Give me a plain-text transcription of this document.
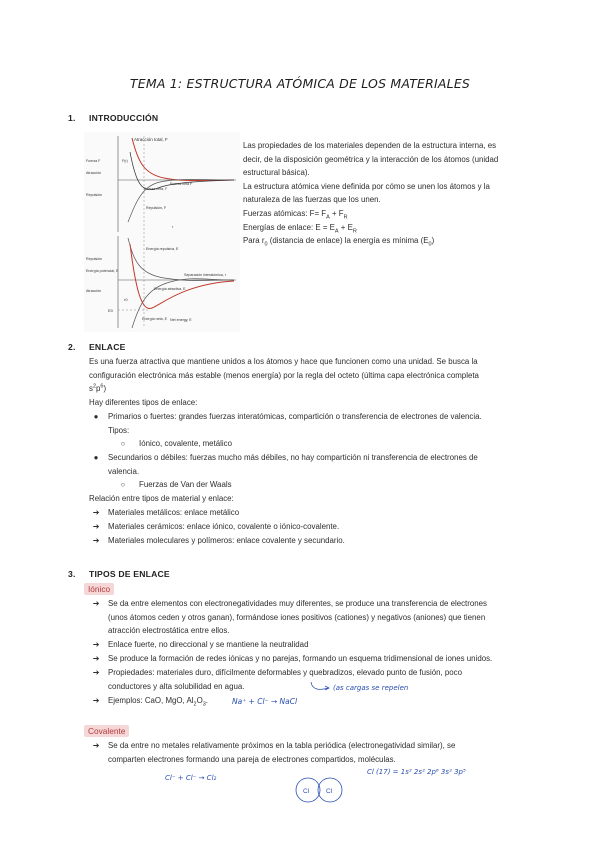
TEMA 1: ESTRUCTURA ATÓMICA DE LOS MATERIALES
1. INTRODUCCIÓN
Atracción total, F
Fuerza F
Atracción
Repulsión
Fuerza neta F
Fuerza neta, F
Repulsión, F
Separación interatómica, r
Energía repulsiva, E
Energía potencial, E
Repulsión
Atracción	Energía atractiva, E
Energía neta, E
E0
r0
r
Net energy, E
F(r)
Las propiedades de los materiales dependen de la estructura interna, es
decir, de la disposición geométrica y la interacción de los átomos (unidad
estructural básica).
La estructura atómica viene definida por cómo se unen los átomos y la
naturaleza de las fuerzas que los unen.
Fuerzas atómicas: $F= F_A + F_R$
Energías de enlace: $E = E_A + E_R$
Para $r_0$ (distancia de enlace) la energía es mínima $(E_0)$
2. ENLACE
Es una fuerza atractiva que mantiene unidos a los átomos y hace que funcionen como una unidad. Se busca la
configuración electrónica más estable (menos energía) por la regla del octeto (última capa electrónica completa
$s^2p^6$)
Hay diferentes tipos de enlace:
●	Primarios o fuertes: grandes fuerzas interatómicas, compartición o transferencia de electrones de valencia.
Tipos:
○	Iónico, covalente, metálico
●	Secundarios o débiles: fuerzas mucho más débiles, no hay compartición ni transferencia de electrones de
valencia.
○	Fuerzas de Van der Waals
Relación entre tipos de material y enlace:
➔	Materiales metálicos: enlace metálico
➔	Materiales cerámicos: enlace iónico, covalente o iónico-covalente.
➔	Materiales moleculares y polímeros: enlace covalente y secundario.
3. TIPOS DE ENLACE
Iónico
➔	Se da entre elementos con electronegatividades muy diferentes, se produce una transferencia de electrones
(unos átomos ceden y otros ganan), formándose iones positivos (cationes) y negativos (aniones) que tienen
atracción electrostática entre ellos.
➔	Enlace fuerte, no direccional y se mantiene la neutralidad
➔	Se produce la formación de redes iónicas y no parejas, formando un esquema tridimensional de iones unidos.
➔	Propiedades: materiales duro, difícilmente deformables y quebradizos, elevado punto de fusión, poco
conductores y alta solubilidad en agua.
➔	Ejemplos: CaO, MgO, $Al_2O_3$.
(as cargas se repelen
Na⁺ + Cl⁻ → NaCl
Covalente
➔	Se da entre no metales relativamente próximos en la tabla periódica (electronegatividad similar), se
comparten electrones formando una pareja de electrones compartidos, moléculas.
Cl⁻ + Cl⁻ → Cl₂
Cl (17) = 1s² 2s² 2p⁶ 3s² 3p⁵
Cl	Cl
